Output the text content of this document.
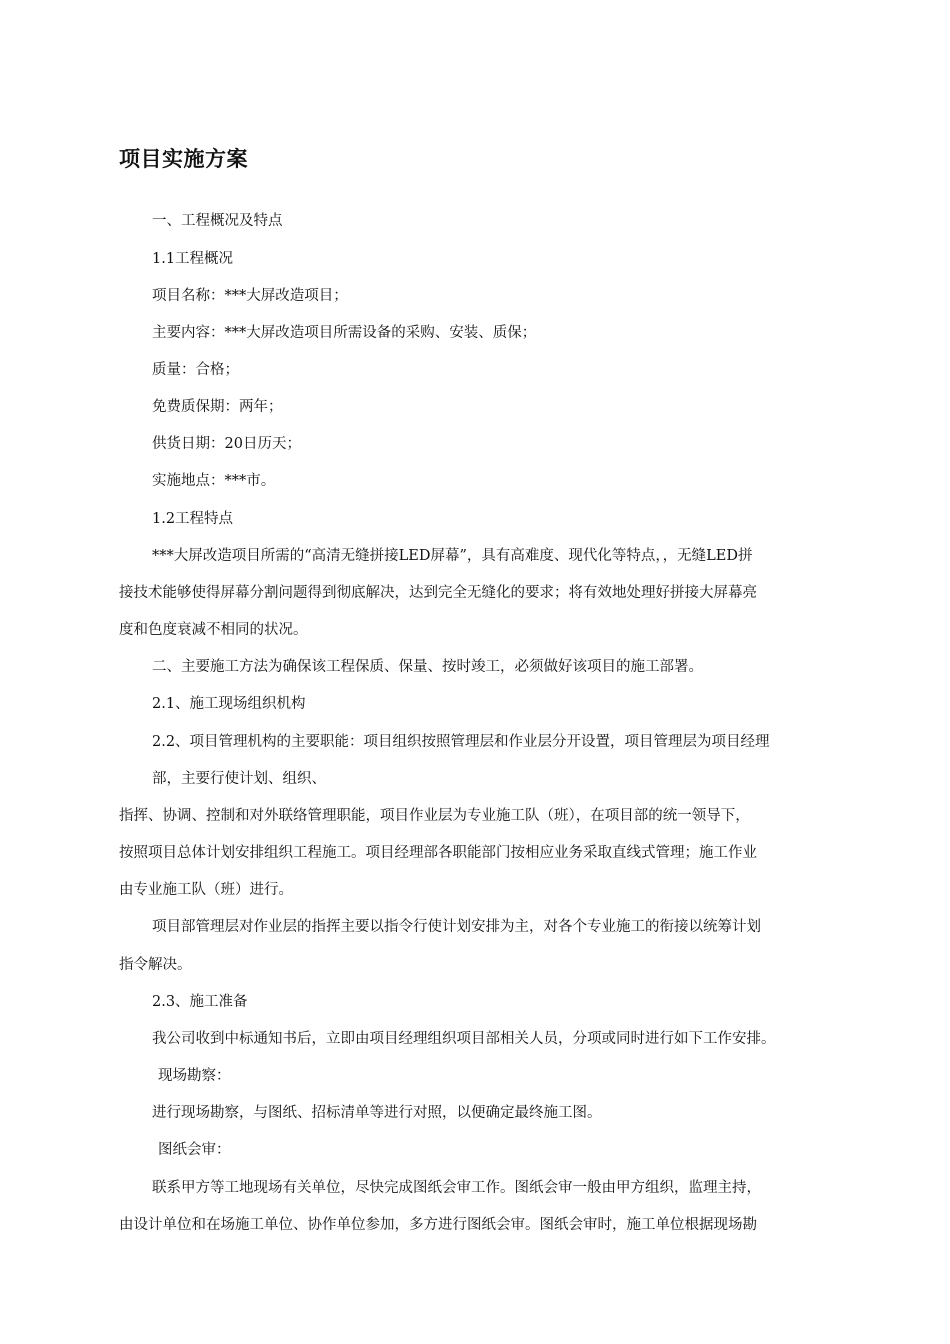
项目实施方案

一、工程概况及特点

1.1工程概况

项目名称：***大屏改造项目；

主要内容：***大屏改造项目所需设备的采购、安装、质保；

质量：合格；

免费质保期：两年；

供货日期：20日历天；

实施地点：***市。

1.2工程特点

***大屏改造项目所需的“高清无缝拼接LED屏幕”，具有高难度、现代化等特点，，无缝LED拼

接技术能够使得屏幕分割问题得到彻底解决，达到完全无缝化的要求；将有效地处理好拼接大屏幕亮

度和色度衰减不相同的状况。

二、主要施工方法为确保该工程保质、保量、按时竣工，必须做好该项目的施工部署。

2.1、施工现场组织机构

2.2、项目管理机构的主要职能：项目组织按照管理层和作业层分开设置，项目管理层为项目经理

部，主要行使计划、组织、

指挥、协调、控制和对外联络管理职能，项目作业层为专业施工队（班），在项目部的统一领导下，

按照项目总体计划安排组织工程施工。项目经理部各职能部门按相应业务采取直线式管理；施工作业

由专业施工队（班）进行。

项目部管理层对作业层的指挥主要以指令行使计划安排为主，对各个专业施工的衔接以统筹计划

指令解决。

2.3、施工准备

我公司收到中标通知书后，立即由项目经理组织项目部相关人员，分项或同时进行如下工作安排。

现场勘察：

进行现场勘察，与图纸、招标清单等进行对照，以便确定最终施工图。

图纸会审：

联系甲方等工地现场有关单位，尽快完成图纸会审工作。图纸会审一般由甲方组织，监理主持，

由设计单位和在场施工单位、协作单位参加，多方进行图纸会审。图纸会审时，施工单位根据现场勘
